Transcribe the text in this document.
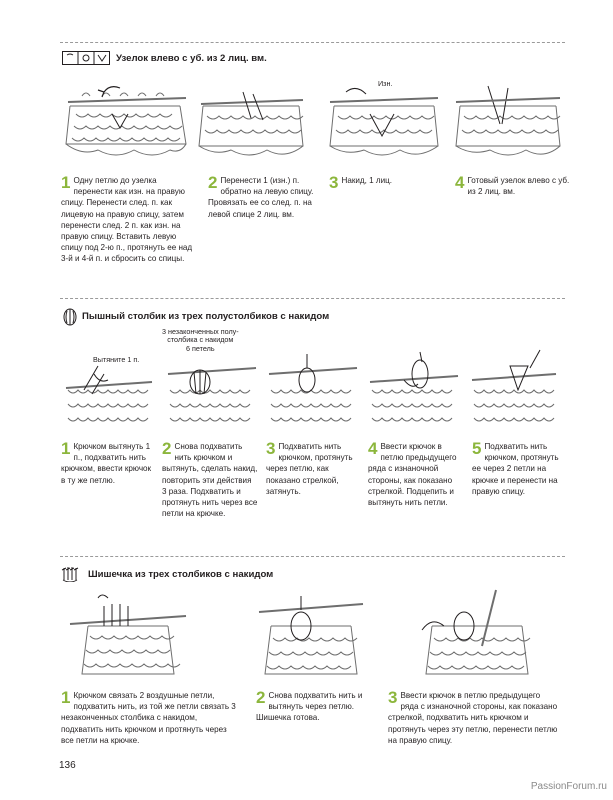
Узелок влево с уб. из 2 лиц. вм.
Изн.
1 Одну петлю до узелка перенести как изн. на правую спицу. Перенести след. п. как лицевую на правую спицу, затем перенести след. 2 п. как изн. на правую спицу. Вставить левую спицу под 2-ю п., протянуть ее над 3-й и 4-й п. и сбросить со спицы.
2 Перенести 1 (изн.) п. обратно на левую спицу. Провязать ее со след. п. на левой спице 2 лиц. вм.
3 Накид, 1 лиц.	4 Готовый узелок влево с уб. из 2 лиц. вм.
Пышный столбик из трех полустолбиков с накидом
Вытяните 1 п.
3 незаконченных полу-
столбика с накидом
6 петель
1 Крючком вытянуть 1 п., подхватить нить крючком, ввести крючок в ту же петлю.
2 Снова подхватить нить крючком и вытянуть, сделать накид, повторить эти действия 3 раза. Подхватить и протянуть нить через все петли на крючке.
3 Подхватить нить крючком, протянуть через петлю, как показано стрелкой, затянуть.
4 Ввести крючок в петлю предыдущего ряда с изнаночной стороны, как показано стрелкой. Подцепить и вытянуть нить петли.
5 Подхватить нить крючком, протянуть ее через 2 петли на крючке и перенести на правую спицу.
Шишечка из трех столбиков с накидом
1 Крючком связать 2 воздушные петли, подхватить нить, из той же петли связать 3 незаконченных столбика с накидом, подхватить нить крючком и протянуть через все петли на крючке.
2 Снова подхватить нить и вытянуть через петлю. Шишечка готова.
3 Ввести крючок в петлю предыдущего ряда с изнаночной стороны, как показано стрелкой, подхватить нить крючком и протянуть через эту петлю, перенести петлю на правую спицу.
136
PassionForum.ru
